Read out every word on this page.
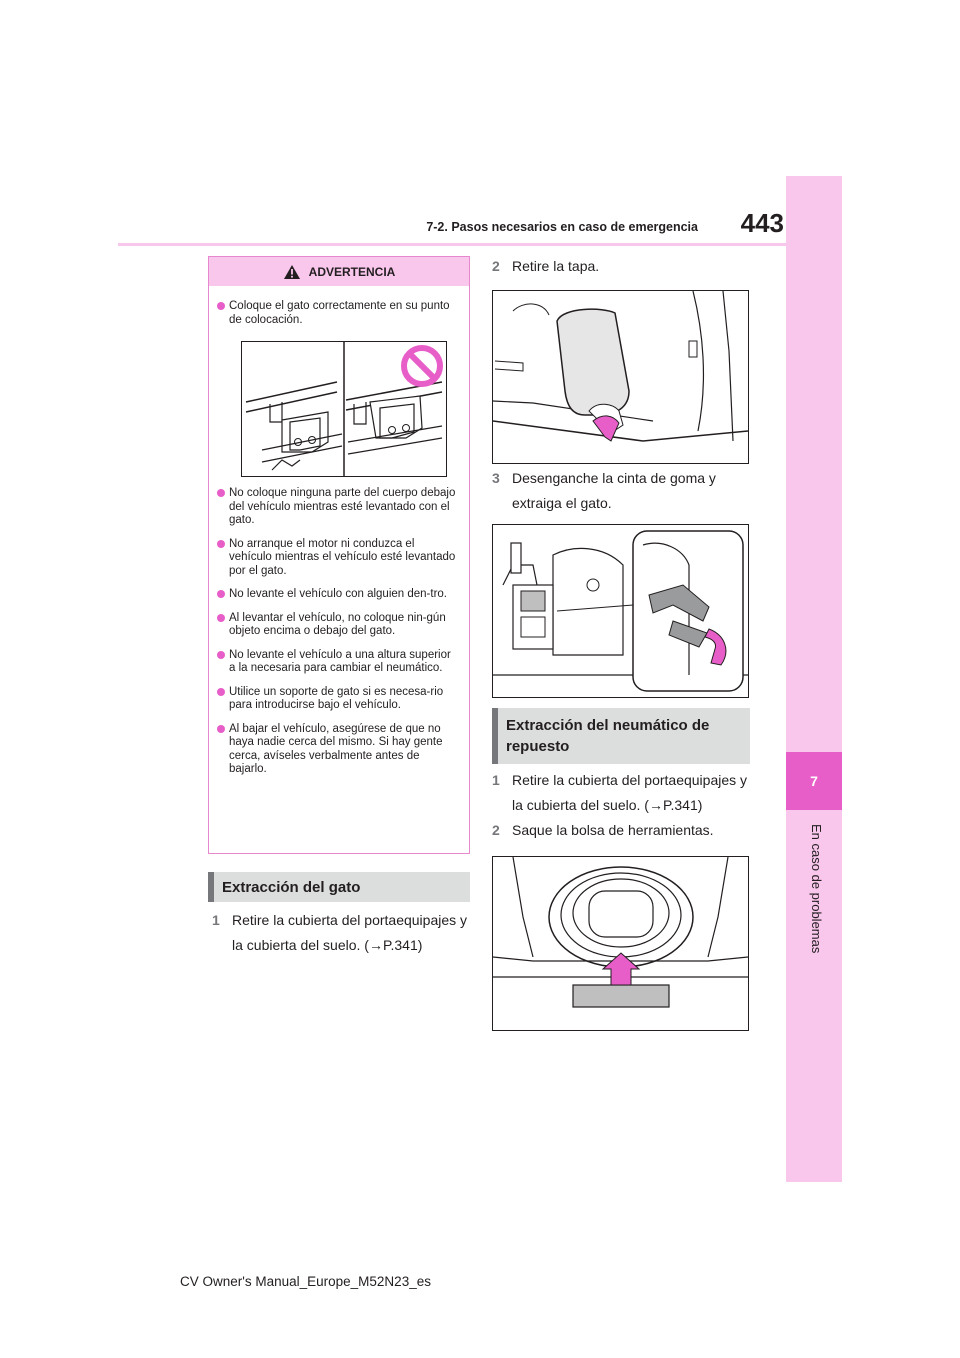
7
En caso de problemas
7-2. Pasos necesarios en caso de emergencia	443
ADVERTENCIA
Coloque el gato correctamente en su punto de colocación.
No coloque ninguna parte del cuerpo debajo del vehículo mientras esté levantado con el gato.
No arranque el motor ni conduzca el vehículo mientras el vehículo esté levantado por el gato.
No levante el vehículo con alguien den-tro.
Al levantar el vehículo, no coloque nin-gún objeto encima o debajo del gato.
No levante el vehículo a una altura superior a la necesaria para cambiar el neumático.
Utilice un soporte de gato si es necesa-rio para introducirse bajo el vehículo.
Al bajar el vehículo, asegúrese de que no haya nadie cerca del mismo. Si hay gente cerca, avíseles verbalmente antes de bajarlo.
Extracción del gato
1 Retire la cubierta del portaequipajes y la cubierta del suelo. (→P.341)
2 Retire la tapa.
3 Desenganche la cinta de goma y extraiga el gato.
Extracción del neumático de repuesto
1 Retire la cubierta del portaequipajes y la cubierta del suelo. (→P.341)
2 Saque la bolsa de herramientas.
CV Owner's Manual_Europe_M52N23_es
